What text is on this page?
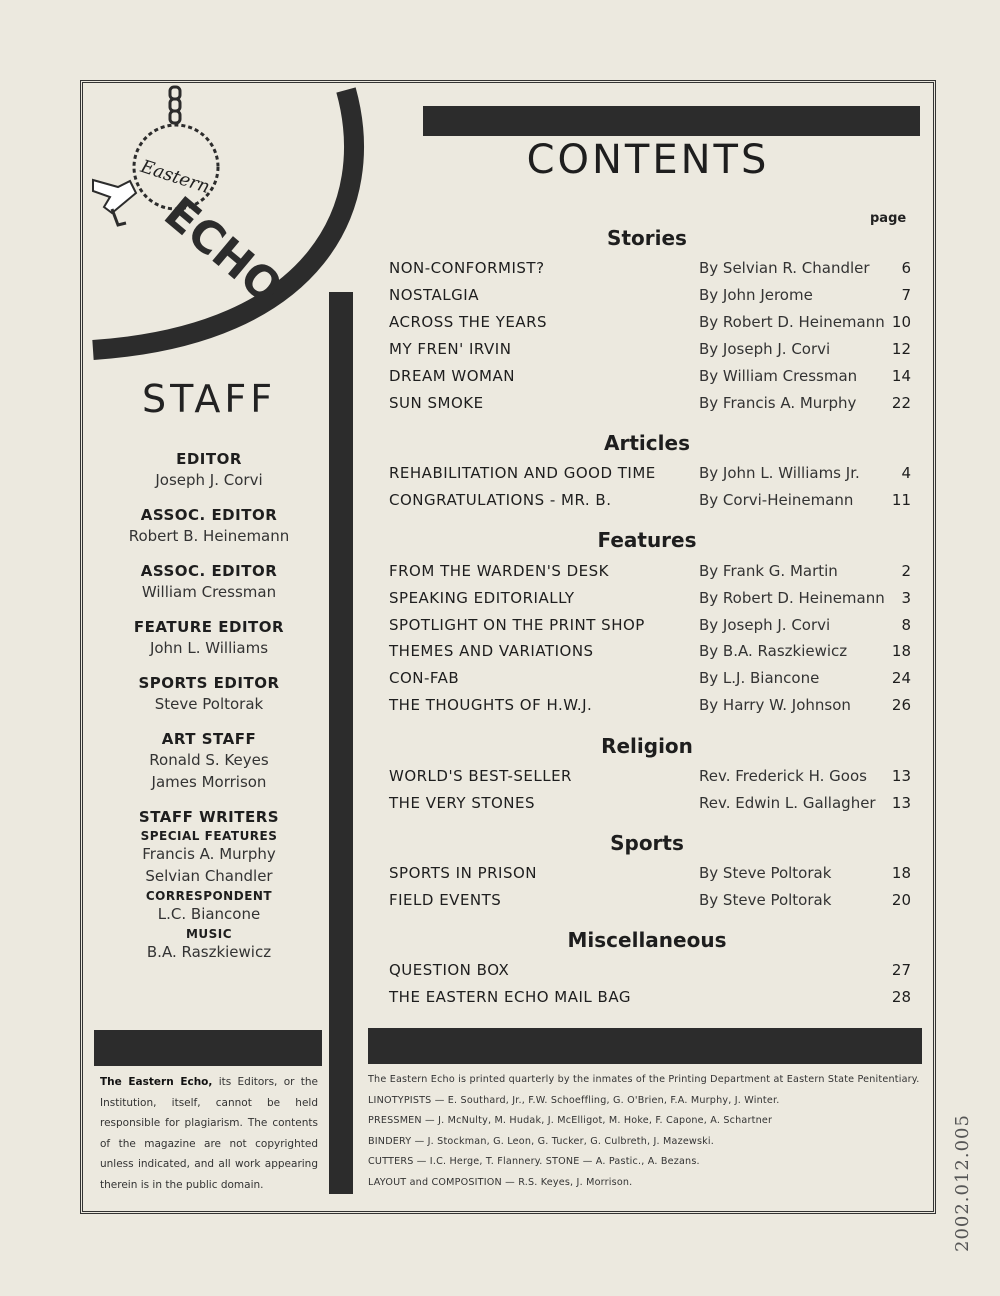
Eastern
ECHO
CONTENTS
page
STAFF
EDITOR
Joseph J. Corvi
ASSOC. EDITOR
Robert B. Heinemann
ASSOC. EDITOR
William Cressman
FEATURE EDITOR
John L. Williams
SPORTS EDITOR
Steve Poltorak
ART STAFF
Ronald S. Keyes
James Morrison
STAFF WRITERS
SPECIAL FEATURES
Francis A. Murphy
Selvian Chandler
CORRESPONDENT
L.C. Biancone
MUSIC
B.A. Raszkiewicz
Stories
NON-CONFORMIST?	By Selvian R. Chandler 6
NOSTALGIA	By John Jerome	7
ACROSS THE YEARS	By Robert D. Heinemann 10
MY FREN' IRVIN	By Joseph J. Corvi	12
DREAM WOMAN	By William Cressman 14
SUN SMOKE	By Francis A. Murphy 22
Articles
REHABILITATION AND GOOD TIME	By John L. Williams Jr.	4
CONGRATULATIONS - MR. B.	By Corvi-Heinemann	11
Features
FROM THE WARDEN'S DESK	By Frank G. Martin	2
SPEAKING EDITORIALLY	By Robert D. Heinemann 3
SPOTLIGHT ON THE PRINT SHOP	By Joseph J. Corvi	8
THEMES AND VARIATIONS	By B.A. Raszkiewicz	18
CON-FAB	By L.J. Biancone	24
THE THOUGHTS OF H.W.J.	By Harry W. Johnson	26
Religion
WORLD'S BEST-SELLER	Rev. Frederick H. Goos 13
THE VERY STONES	Rev. Edwin L. Gallagher 13
Sports
SPORTS IN PRISON	By Steve Poltorak	18
FIELD EVENTS	By Steve Poltorak	20
Miscellaneous
QUESTION BOX	27
THE EASTERN ECHO MAIL BAG	28
The Eastern Echo, its Editors, or the Institution, itself, cannot be held responsible for plagiarism. The contents of the magazine are not copyrighted unless indicated, and all work appearing therein is in the public domain.
The Eastern Echo is printed quarterly by the inmates of the Printing Department at Eastern State Penitentiary.
LINOTYPISTS — E. Southard, Jr., F.W. Schoeffling, G. O'Brien, F.A. Murphy, J. Winter.
PRESSMEN — J. McNulty, M. Hudak, J. McElligot, M. Hoke, F. Capone, A. Schartner
BINDERY — J. Stockman, G. Leon, G. Tucker, G. Culbreth, J. Mazewski.
CUTTERS — I.C. Herge, T. Flannery. STONE — A. Pastic., A. Bezans.
LAYOUT and COMPOSITION — R.S. Keyes, J. Morrison.	2002.012.005
